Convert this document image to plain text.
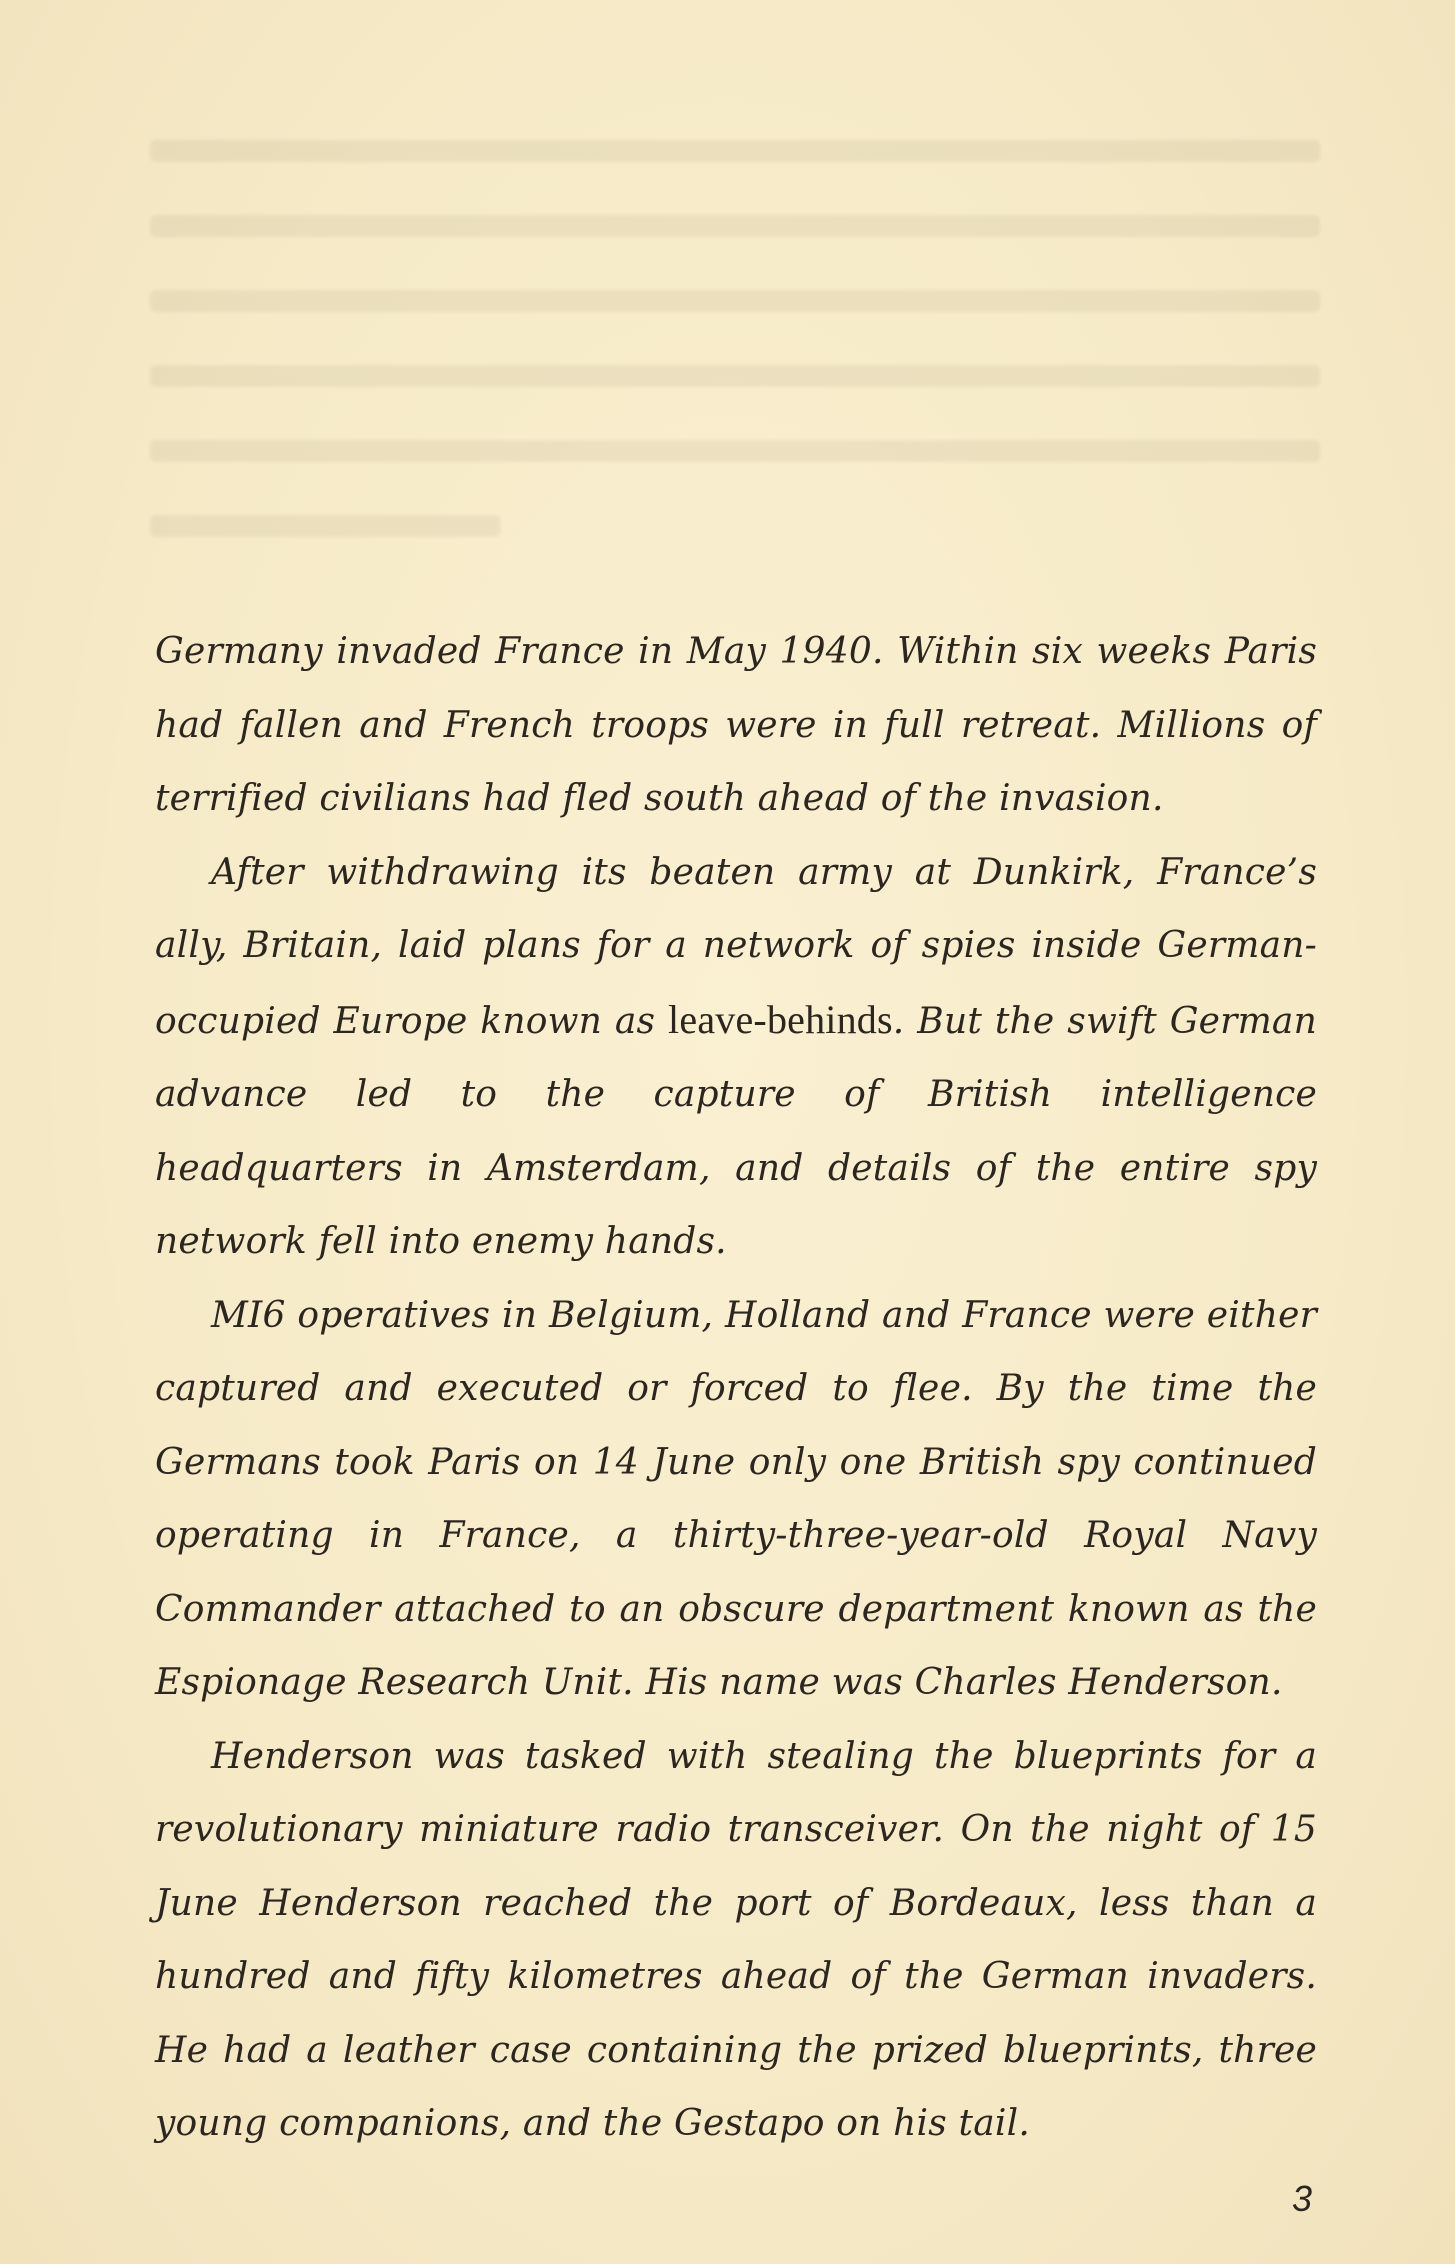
Germany invaded France in May 1940. Within six weeks Paris had fallen and French troops were in full retreat. Millions of terrified civilians had fled south ahead of the invasion.

After withdrawing its beaten army at Dunkirk, France’s ally, Britain, laid plans for a network of spies inside German-occupied Europe known as leave-behinds. But the swift German advance led to the capture of British intelligence headquarters in Amsterdam, and details of the entire spy network fell into enemy hands.

MI6 operatives in Belgium, Holland and France were either captured and executed or forced to flee. By the time the Germans took Paris on 14 June only one British spy continued operating in France, a thirty-three-year-old Royal Navy Commander attached to an obscure department known as the Espionage Research Unit. His name was Charles Henderson.

Henderson was tasked with stealing the blueprints for a revolutionary miniature radio transceiver. On the night of 15 June Henderson reached the port of Bordeaux, less than a hundred and fifty kilometres ahead of the German invaders. He had a leather case containing the prized blueprints, three young companions, and the Gestapo on his tail.

3
